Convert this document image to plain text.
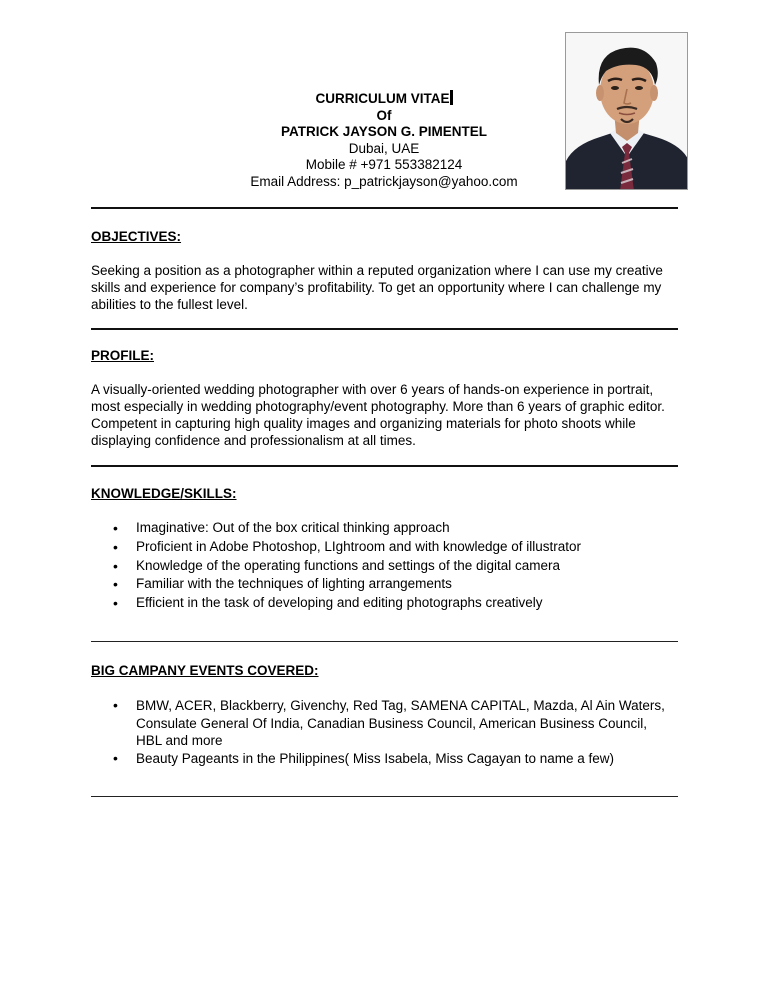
CURRICULUM VITAE
Of
PATRICK JAYSON G. PIMENTEL
Dubai, UAE
Mobile # +971 553382124
Email Address: p_patrickjayson@yahoo.com
OBJECTIVES:
Seeking a position as a photographer within a reputed organization where I can use my creative skills and experience for company’s profitability. To get an opportunity where I can challenge my abilities to the fullest level.
PROFILE:
A visually-oriented wedding photographer with over 6 years of hands-on experience in portrait, most especially in wedding photography/event photography. More than 6 years of graphic editor. Competent in capturing high quality images and organizing materials for photo shoots while displaying confidence and professionalism at all times.
KNOWLEDGE/SKILLS:
• Imaginative: Out of the box critical thinking approach
• Proficient in Adobe Photoshop, LIghtroom and with knowledge of illustrator
• Knowledge of the operating functions and settings of the digital camera
• Familiar with the techniques of lighting arrangements
• Efficient in the task of developing and editing photographs creatively
BIG CAMPANY EVENTS COVERED:
• BMW, ACER, Blackberry, Givenchy, Red Tag, SAMENA CAPITAL, Mazda, Al Ain Waters, Consulate General Of India, Canadian Business Council, American Business Council, HBL and more
• Beauty Pageants in the Philippines( Miss Isabela, Miss Cagayan to name a few)
